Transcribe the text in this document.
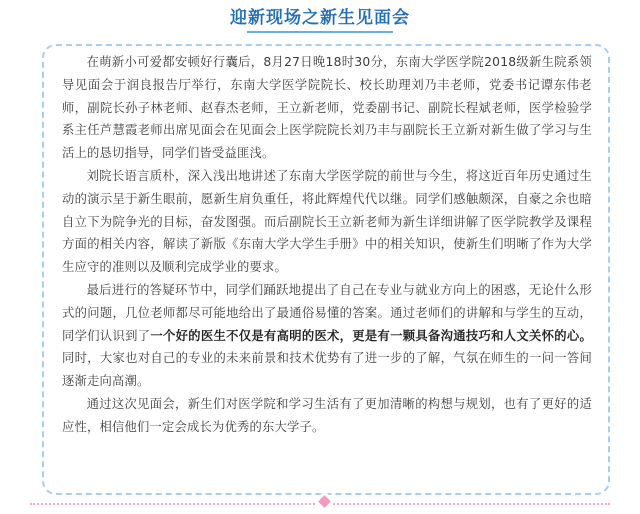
迎新现场之新生见面会

在萌新小可爱都安顿好行囊后，8月27日晚18时30分，东南大学医学院2018级新生院系领导见面会于润良报告厅举行，东南大学医学院院长、校长助理刘乃丰老师，党委书记谭东伟老师，副院长孙子林老师、赵春杰老师，王立新老师，党委副书记、副院长程斌老师，医学检验学系主任芦慧霞老师出席见面会在见面会上医学院院长刘乃丰与副院长王立新对新生做了学习与生活上的恳切指导，同学们皆受益匪浅。

刘院长语言质朴，深入浅出地讲述了东南大学医学院的前世与今生，将这近百年历史通过生动的演示呈于新生眼前，愿新生肩负重任，将此辉煌代代以继。同学们感触颇深，自豪之余也暗自立下为院争光的目标，奋发图强。而后副院长王立新老师为新生详细讲解了医学院教学及课程方面的相关内容，解读了新版《东南大学大学生手册》中的相关知识，使新生们明晰了作为大学生应守的准则以及顺利完成学业的要求。

最后进行的答疑环节中，同学们踊跃地提出了自己在专业与就业方向上的困惑，无论什么形式的问题，几位老师都尽可能地给出了最通俗易懂的答案。通过老师们的讲解和与学生的互动，同学们认识到了一个好的医生不仅是有高明的医术，更是有一颗具备沟通技巧和人文关怀的心。同时，大家也对自己的专业的未来前景和技术优势有了进一步的了解，气氛在师生的一问一答间逐渐走向高潮。

通过这次见面会，新生们对医学院和学习生活有了更加清晰的构想与规划，也有了更好的适应性，相信他们一定会成长为优秀的东大学子。
